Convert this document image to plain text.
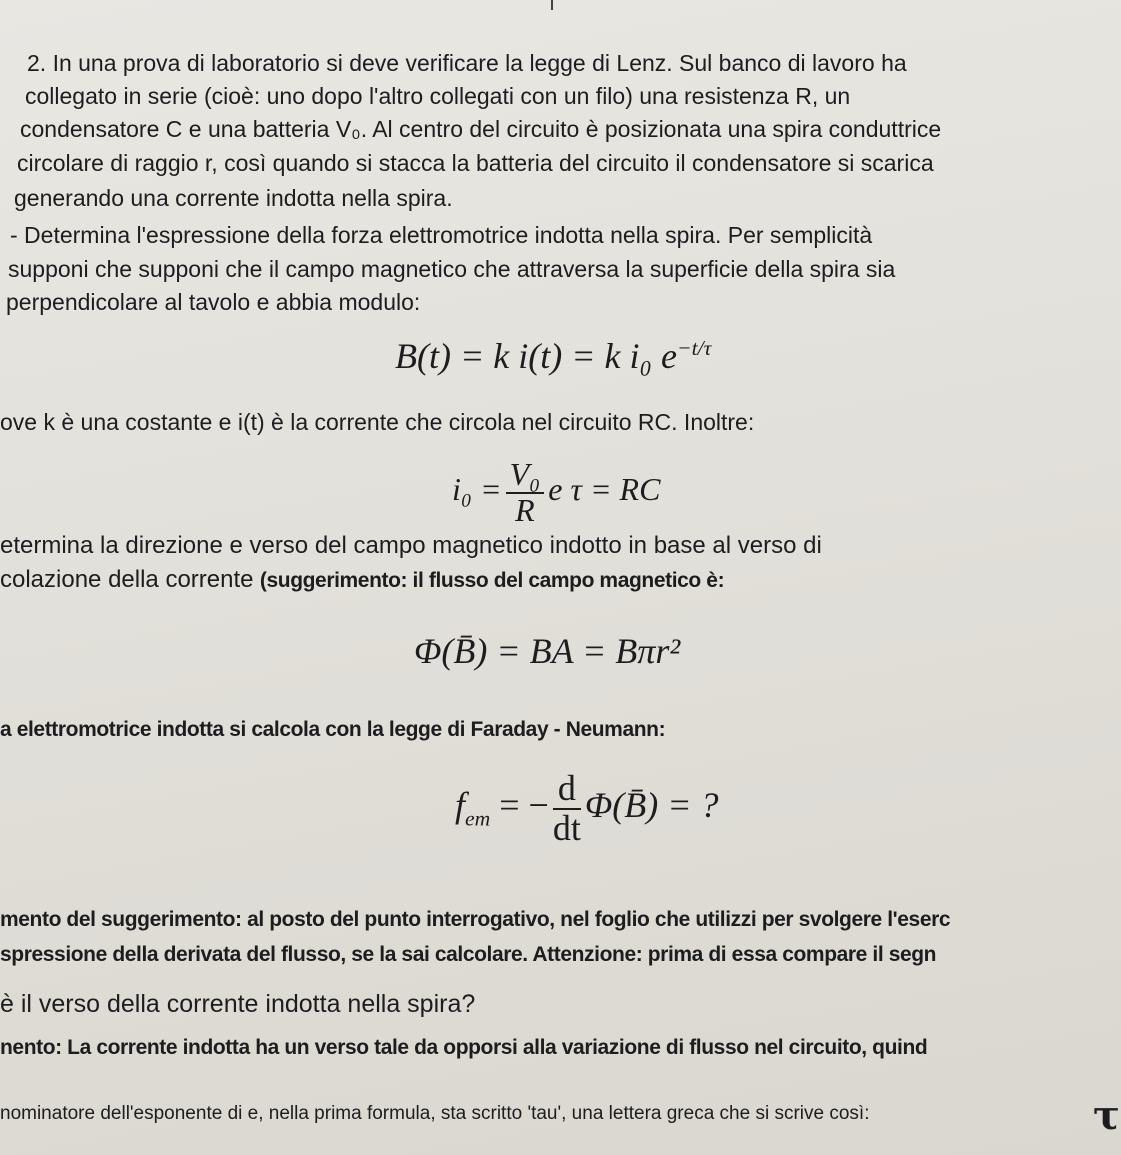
2. In una prova di laboratorio si deve verificare la legge di Lenz. Sul banco di lavoro ha
collegato in serie (cioè: uno dopo l'altro collegati con un filo) una resistenza R, un
condensatore C e una batteria V₀. Al centro del circuito è posizionata una spira conduttrice
circolare di raggio r, così quando si stacca la batteria del circuito il condensatore si scarica
generando una corrente indotta nella spira.
- Determina l'espressione della forza elettromotrice indotta nella spira. Per semplicità
supponi che supponi che il campo magnetico che attraversa la superficie della spira sia
perpendicolare al tavolo e abbia modulo:
B(t) = k i(t) = k i₀ $e^{-t/\tau}$
ove k è una costante e i(t) è la corrente che circola nel circuito RC. Inoltre:
$i_0 = \frac{\text{V₀}}{R}$ e τ = RC
etermina la direzione e verso del campo magnetico indotto in base al verso di
colazione della corrente (suggerimento: il flusso del campo magnetico è:
Φ(B̄) = BA = Bπr²
a elettromotrice indotta si calcola con la legge di Faraday - Neumann:
$f_{em}$ = − $\frac{d}{dt}$ Φ(B̄) = ?
mento del suggerimento: al posto del punto interrogativo, nel foglio che utilizzi per svolgere l'eserc
spressione della derivata del flusso, se la sai calcolare. Attenzione: prima di essa compare il segn
è il verso della corrente indotta nella spira?
nento: La corrente indotta ha un verso tale da opporsi alla variazione di flusso nel circuito, quind
nominatore dell'esponente di e, nella prima formula, sta scritto 'tau', una lettera greca che si scrive così:	τ
